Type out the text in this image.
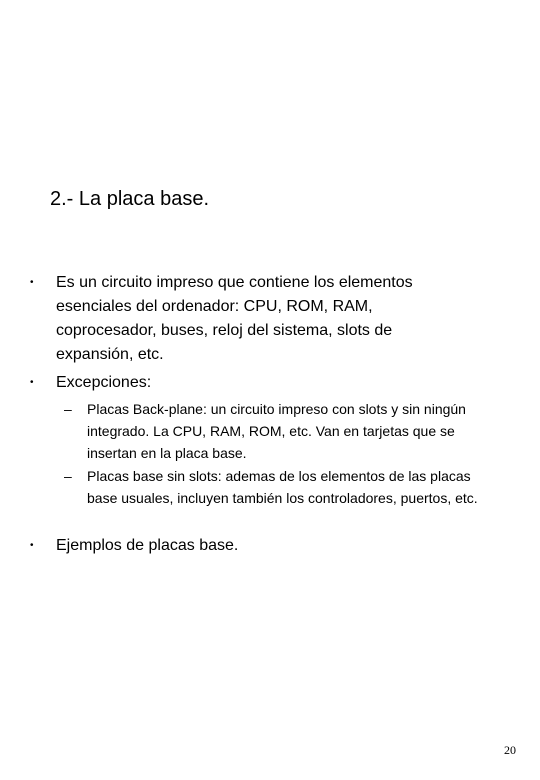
2.- La placa base.
•	Es un circuito impreso que contiene los elementos esenciales del ordenador: CPU, ROM, RAM, coprocesador, buses, reloj del sistema, slots de expansión, etc.
•	Excepciones:
–	Placas Back-plane: un circuito impreso con slots y sin ningún integrado. La CPU, RAM, ROM, etc. Van en tarjetas que se insertan en la placa base.
–	Placas base sin slots: ademas de los elementos de las placas base usuales, incluyen también los controladores, puertos, etc.
•	Ejemplos de placas base.
20
